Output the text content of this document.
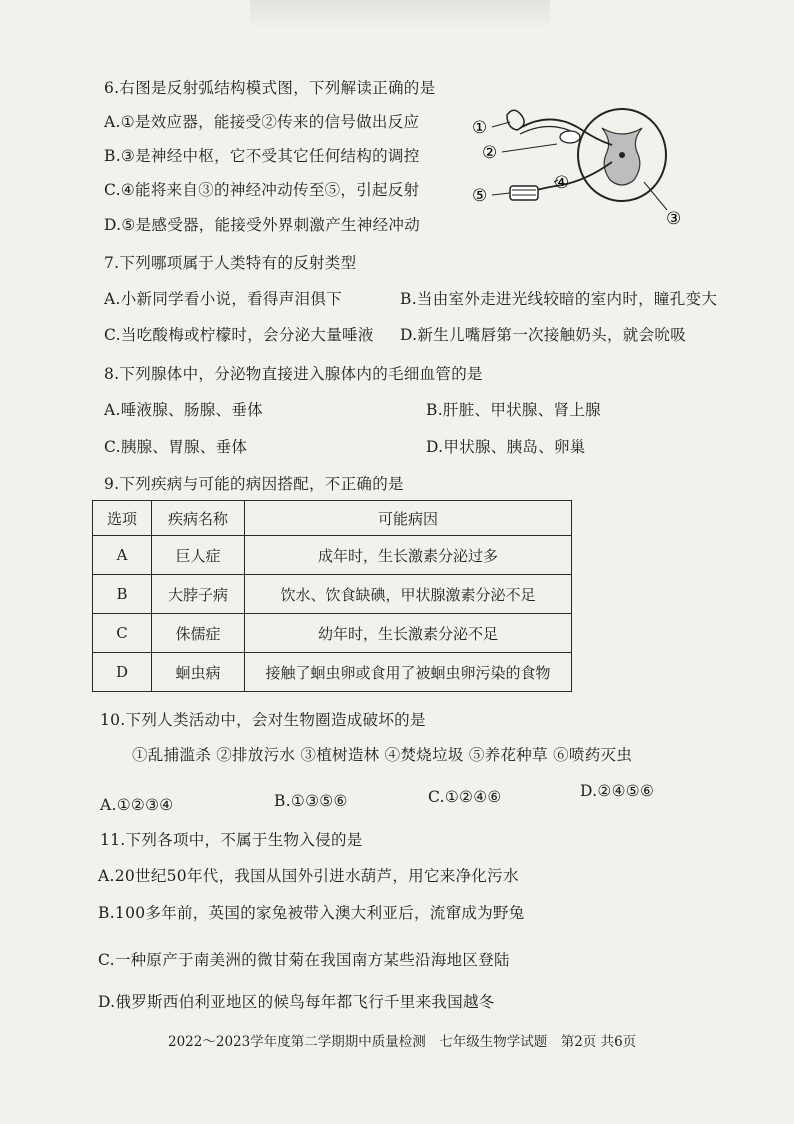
6.右图是反射弧结构模式图，下列解读正确的是
A.①是效应器，能接受②传来的信号做出反应
B.③是神经中枢，它不受其它任何结构的调控
C.④能将来自③的神经冲动传至⑤，引起反射
D.⑤是感受器，能接受外界刺激产生神经冲动
①
②
③
④
⑤
7.下列哪项属于人类特有的反射类型
A.小新同学看小说，看得声泪俱下	B.当由室外走进光线较暗的室内时，瞳孔变大
C.当吃酸梅或柠檬时，会分泌大量唾液 D.新生儿嘴唇第一次接触奶头，就会吮吸
8.下列腺体中，分泌物直接进入腺体内的毛细血管的是
A.唾液腺、肠腺、垂体	B.肝脏、甲状腺、肾上腺
C.胰腺、胃腺、垂体	D.甲状腺、胰岛、卵巢
9.下列疾病与可能的病因搭配，不正确的是
选项	疾病名称	可能病因
A	巨人症	成年时，生长激素分泌过多
B	大脖子病	饮水、饮食缺碘，甲状腺激素分泌不足
C	侏儒症	幼年时，生长激素分泌不足
D	蛔虫病	接触了蛔虫卵或食用了被蛔虫卵污染的食物
10.下列人类活动中，会对生物圈造成破坏的是
①乱捕滥杀 ②排放污水 ③植树造林 ④焚烧垃圾 ⑤养花种草 ⑥喷药灭虫
A.①②③④	B.①③⑤⑥	C.①②④⑥	D.②④⑤⑥
11.下列各项中，不属于生物入侵的是
A.20世纪50年代，我国从国外引进水葫芦，用它来净化污水
B.100多年前，英国的家兔被带入澳大利亚后，流窜成为野兔
C.一种原产于南美洲的微甘菊在我国南方某些沿海地区登陆
D.俄罗斯西伯利亚地区的候鸟每年都飞行千里来我国越冬
2022～2023学年度第二学期期中质量检测　七年级生物学试题　第2页 共6页
